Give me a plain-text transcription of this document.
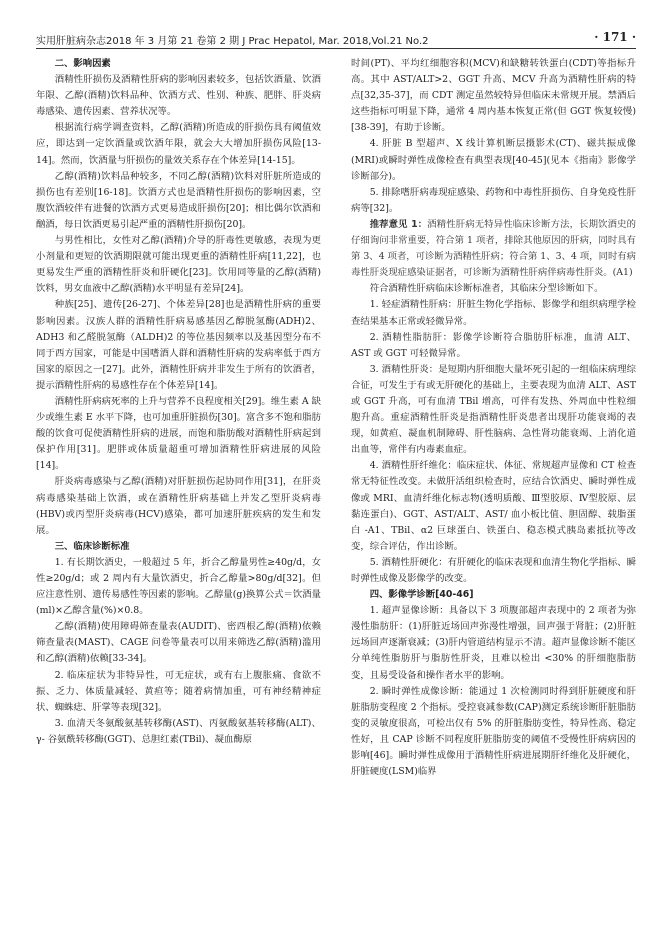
实用肝脏病杂志2018 年 3 月第 21 卷第 2 期 J Prac Hepatol, Mar. 2018,Vol.21 No.2	· 171 ·

二、影响因素

酒精性肝损伤及酒精性肝病的影响因素较多，包括饮酒量、饮酒年限、乙醇(酒精)饮料品种、饮酒方式、性别、种族、肥胖、肝炎病毒感染、遗传因素、营养状况等。

根据流行病学调查资料，乙醇(酒精)所造成的肝损伤具有阈值效应，即达到一定饮酒量或饮酒年限，就会大大增加肝损伤风险[13-14]。然而，饮酒量与肝损伤的量效关系存在个体差异[14-15]。

乙醇(酒精)饮料品种较多，不同乙醇(酒精)饮料对肝脏所造成的损伤也有差别[16-18]。饮酒方式也是酒精性肝损伤的影响因素，空腹饮酒较伴有进餐的饮酒方式更易造成肝损伤[20]；相比偶尔饮酒和酗酒，每日饮酒更易引起严重的酒精性肝损伤[20]。

与男性相比，女性对乙醇(酒精)介导的肝毒性更敏感，表现为更小剂量和更短的饮酒期限就可能出现更重的酒精性肝病[11,22]，也更易发生严重的酒精性肝炎和肝硬化[23]。饮用同等量的乙醇(酒精)饮料，男女血液中乙醇(酒精)水平明显有差异[24]。

种族[25]、遗传[26-27]、个体差异[28]也是酒精性肝病的重要影响因素。汉族人群的酒精性肝病易感基因乙醇脱氢酶(ADH)2、ADH3 和乙醛脱氢酶（ALDH)2 的等位基因频率以及基因型分布不同于西方国家，可能是中国嗜酒人群和酒精性肝病的发病率低于西方国家的原因之一[27]。此外，酒精性肝病并非发生于所有的饮酒者，提示酒精性肝病的易感性存在个体差异[14]。

酒精性肝病病死率的上升与营养不良程度相关[29]。维生素 A 缺少或维生素 E 水平下降，也可加重肝脏损伤[30]。富含多不饱和脂肪酸的饮食可促使酒精性肝病的进展，而饱和脂肪酸对酒精性肝病起到保护作用[31]。肥胖或体质量超重可增加酒精性肝病进展的风险[14]。

肝炎病毒感染与乙醇(酒精)对肝脏损伤起协同作用[31]，在肝炎病毒感染基础上饮酒，或在酒精性肝病基础上并发乙型肝炎病毒(HBV)或丙型肝炎病毒(HCV)感染，都可加速肝脏疾病的发生和发展。

三、临床诊断标准

1. 有长期饮酒史，一般超过 5 年，折合乙醇量男性≥40g/d，女性≥20g/d；或 2 周内有大量饮酒史，折合乙醇量>80g/d[32]。但应注意性别、遗传易感性等因素的影响。乙醇量(g)换算公式＝饮酒量(ml)×乙醇含量(%)×0.8。

乙醇(酒精)使用障碍筛查量表(AUDIT)、密西根乙醇(酒精)依赖筛查量表(MAST)、CAGE 问卷等量表可以用来筛选乙醇(酒精)滥用和乙醇(酒精)依赖[33-34]。

2. 临床症状为非特异性，可无症状，或有右上腹胀痛、食欲不振、乏力、体质量减轻、黄疸等；随着病情加重，可有神经精神症状、蜘蛛痣、肝掌等表现[32]。

3. 血清天冬氨酸氨基转移酶(AST)、丙氨酸氨基转移酶(ALT)、γ- 谷氨酰转移酶(GGT)、总胆红素(TBil)、凝血酶原

时间(PT)、平均红细胞容积(MCV)和缺糖转铁蛋白(CDT)等指标升高。其中 AST/ALT>2、GGT 升高、MCV 升高为酒精性肝病的特点[32,35-37]，而 CDT 测定虽然较特异但临床未常规开展。禁酒后这些指标可明显下降，通常 4 周内基本恢复正常(但 GGT 恢复较慢)[38-39]，有助于诊断。

4. 肝脏 B 型超声、X 线计算机断层摄影术(CT)、磁共振成像(MRI)或瞬时弹性成像检查有典型表现[40-45](见本《指南》影像学诊断部分)。

5. 排除嗜肝病毒现症感染、药物和中毒性肝损伤、自身免疫性肝病等[32]。

推荐意见 1：酒精性肝病无特异性临床诊断方法，长期饮酒史的仔细询问非常重要，符合第 1 项者，排除其他原因的肝病，同时具有第 3、4 项者，可诊断为酒精性肝病；符合第 1、3、4 项，同时有病毒性肝炎现症感染证据者，可诊断为酒精性肝病伴病毒性肝炎。(A1)

符合酒精性肝病临床诊断标准者，其临床分型诊断如下。

1. 轻症酒精性肝病：肝脏生物化学指标、影像学和组织病理学检查结果基本正常或轻微异常。

2. 酒精性脂肪肝：影像学诊断符合脂肪肝标准，血清 ALT、AST 或 GGT 可轻微异常。

3. 酒精性肝炎：是短期内肝细胞大量坏死引起的一组临床病理综合征，可发生于有或无肝硬化的基础上，主要表现为血清 ALT、AST 或 GGT 升高，可有血清 TBil 增高，可伴有发热、外周血中性粒细胞升高。重症酒精性肝炎是指酒精性肝炎患者出现肝功能衰竭的表现，如黄疸、凝血机制障碍、肝性脑病、急性肾功能衰竭、上消化道出血等，常伴有内毒素血症。

4. 酒精性肝纤维化：临床症状、体征、常规超声显像和 CT 检查常无特征性改变。未做肝活组织检查时，应结合饮酒史、瞬时弹性成像或 MRI、血清纤维化标志物(透明质酸、Ⅲ型胶原、Ⅳ型胶原、层黏连蛋白)、GGT、AST/ALT、AST/ 血小板比值、胆固醇、载脂蛋白 -A1、TBil、α2 巨球蛋白、铁蛋白、稳态模式胰岛素抵抗等改变，综合评估，作出诊断。

5. 酒精性肝硬化：有肝硬化的临床表现和血清生物化学指标、瞬时弹性成像及影像学的改变。

四、影像学诊断[40-46]

1. 超声显像诊断：具备以下 3 项腹部超声表现中的 2 项者为弥漫性脂肪肝：(1)肝脏近场回声弥漫性增强，回声强于肾脏；(2)肝脏远场回声逐渐衰减；(3)肝内管道结构显示不清。超声显像诊断不能区分单纯性脂肪肝与脂肪性肝炎，且难以检出 <30% 的肝细胞脂肪变，且易受设备和操作者水平的影响。

2. 瞬时弹性成像诊断：能通过 1 次检测同时得到肝脏硬度和肝脏脂肪变程度 2 个指标。受控衰减参数(CAP)测定系统诊断肝脏脂肪变的灵敏度很高，可检出仅有 5% 的肝脏脂肪变性，特异性高、稳定性好，且 CAP 诊断不同程度肝脏脂肪变的阈值不受慢性肝病病因的影响[46]。瞬时弹性成像用于酒精性肝病进展期肝纤维化及肝硬化，肝脏硬度(LSM)临界
